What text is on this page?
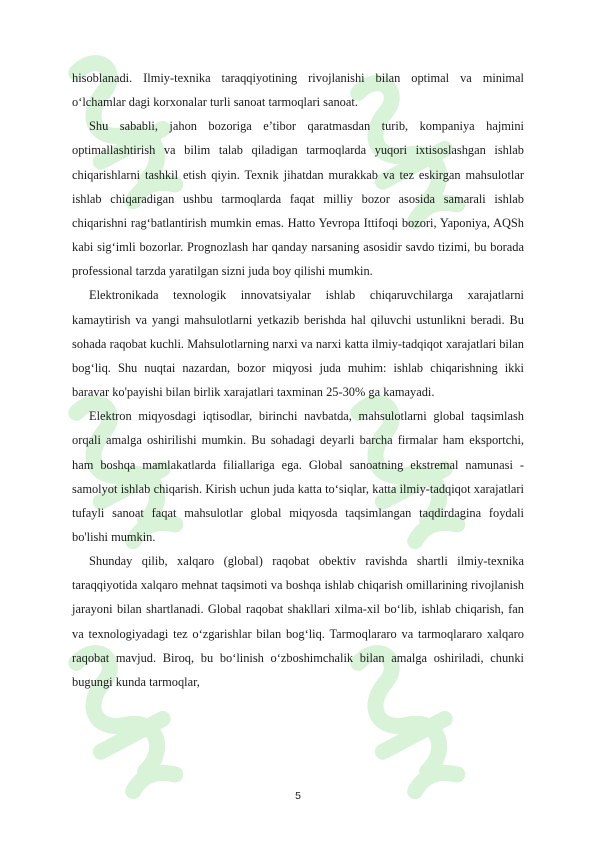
hisoblanadi. Ilmiy-texnika taraqqiyotining rivojlanishi bilan optimal va minimal o‘lchamlar dagi korxonalar turli sanoat tarmoqlari sanoat.

Shu sababli, jahon bozoriga e’tibor qaratmasdan turib, kompaniya hajmini optimallashtirish va bilim talab qiladigan tarmoqlarda yuqori ixtisoslashgan ishlab chiqarishlarni tashkil etish qiyin. Texnik jihatdan murakkab va tez eskirgan mahsulotlar ishlab chiqaradigan ushbu tarmoqlarda faqat milliy bozor asosida samarali ishlab chiqarishni rag‘batlantirish mumkin emas. Hatto Yevropa Ittifoqi bozori, Yaponiya, AQSh kabi sig‘imli bozorlar. Prognozlash har qanday narsaning asosidir savdo tizimi, bu borada professional tarzda yaratilgan sizni juda boy qilishi mumkin.

Elektronikada texnologik innovatsiyalar ishlab chiqaruvchilarga xarajatlarni kamaytirish va yangi mahsulotlarni yetkazib berishda hal qiluvchi ustunlikni beradi. Bu sohada raqobat kuchli. Mahsulotlarning narxi va narxi katta ilmiy-tadqiqot xarajatlari bilan bog‘liq. Shu nuqtai nazardan, bozor miqyosi juda muhim: ishlab chiqarishning ikki baravar ko'payishi bilan birlik xarajatlari taxminan 25-30% ga kamayadi.

Elektron miqyosdagi iqtisodlar, birinchi navbatda, mahsulotlarni global taqsimlash orqali amalga oshirilishi mumkin. Bu sohadagi deyarli barcha firmalar ham eksportchi, ham boshqa mamlakatlarda filiallariga ega. Global sanoatning ekstremal namunasi - samolyot ishlab chiqarish. Kirish uchun juda katta to‘siqlar, katta ilmiy-tadqiqot xarajatlari tufayli sanoat faqat mahsulotlar global miqyosda taqsimlangan taqdirdagina foydali bo'lishi mumkin.

Shunday qilib, xalqaro (global) raqobat obektiv ravishda shartli ilmiy-texnika taraqqiyotida xalqaro mehnat taqsimoti va boshqa ishlab chiqarish omillarining rivojlanish jarayoni bilan shartlanadi. Global raqobat shakllari xilma-xil bo‘lib, ishlab chiqarish, fan va texnologiyadagi tez o‘zgarishlar bilan bog‘liq. Tarmoqlararo va tarmoqlararo xalqaro raqobat mavjud. Biroq, bu bo‘linish o‘zboshimchalik bilan amalga oshiriladi, chunki bugungi kunda tarmoqlar,

5
